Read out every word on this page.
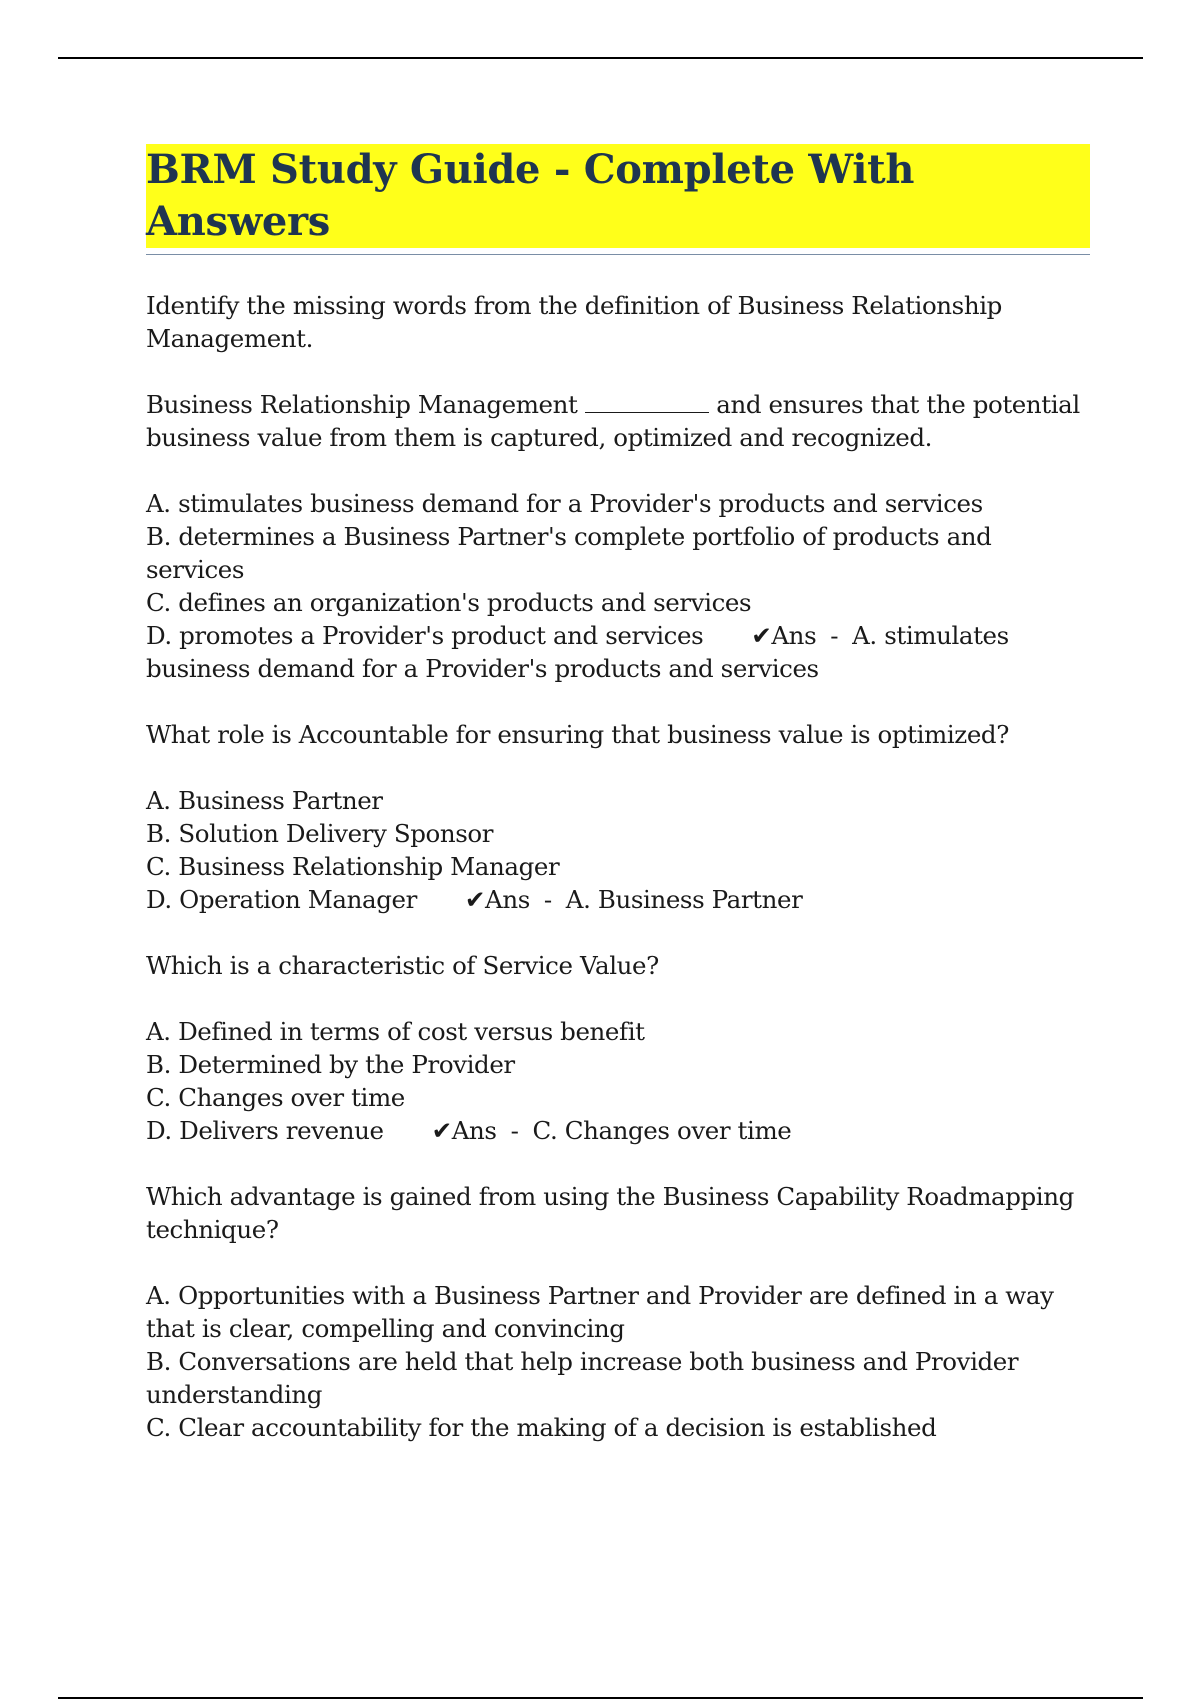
BRM Study Guide - Complete With Answers

Identify the missing words from the definition of Business Relationship Management.

Business Relationship Management	and ensures that the potential business value from them is captured, optimized and recognized.

A. stimulates business demand for a Provider's products and services

B. determines a Business Partner's complete portfolio of products and services

C. defines an organization's products and services

D. promotes a Provider's product and services ✔Ans - A. stimulates business demand for a Provider's products and services

What role is Accountable for ensuring that business value is optimized?

A. Business Partner

B. Solution Delivery Sponsor

C. Business Relationship Manager

D. Operation Manager ✔Ans - A. Business Partner

Which is a characteristic of Service Value?

A. Defined in terms of cost versus benefit

B. Determined by the Provider

C. Changes over time

D. Delivers revenue ✔Ans - C. Changes over time

Which advantage is gained from using the Business Capability Roadmapping technique?

A. Opportunities with a Business Partner and Provider are defined in a way that is clear, compelling and convincing

B. Conversations are held that help increase both business and Provider understanding

C. Clear accountability for the making of a decision is established
